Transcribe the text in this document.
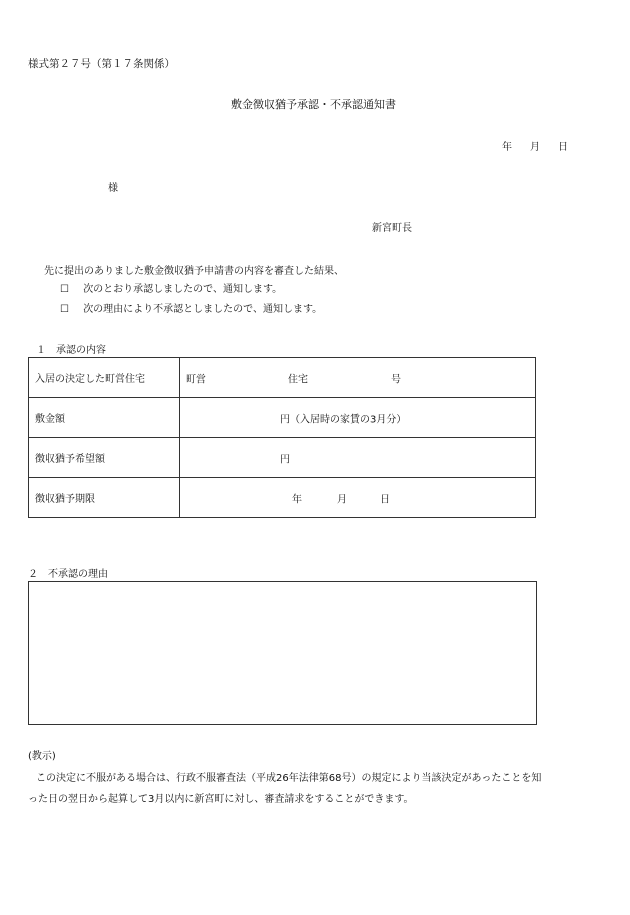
様式第２７号（第１７条関係）
敷金徴収猶予承認・不承認通知書
年 月 日
様
新宮町長
先に提出のありました敷金徴収猶予申請書の内容を審査した結果、
☐ 次のとおり承認しましたので、通知します。
☐ 次の理由により不承認としましたので、通知します。
１　承認の内容
入居の決定した町営住宅	町営 住宅 号

敷金額	円（入居時の家賃の3月分）

徴収猶予希望額	円

徴収猶予期限	年 月 日
２　不承認の理由
(教示)
この決定に不服がある場合は、行政不服審査法（平成26年法律第68号）の規定により当該決定があったことを知
った日の翌日から起算して3月以内に新宮町に対し、審査請求をすることができます。
